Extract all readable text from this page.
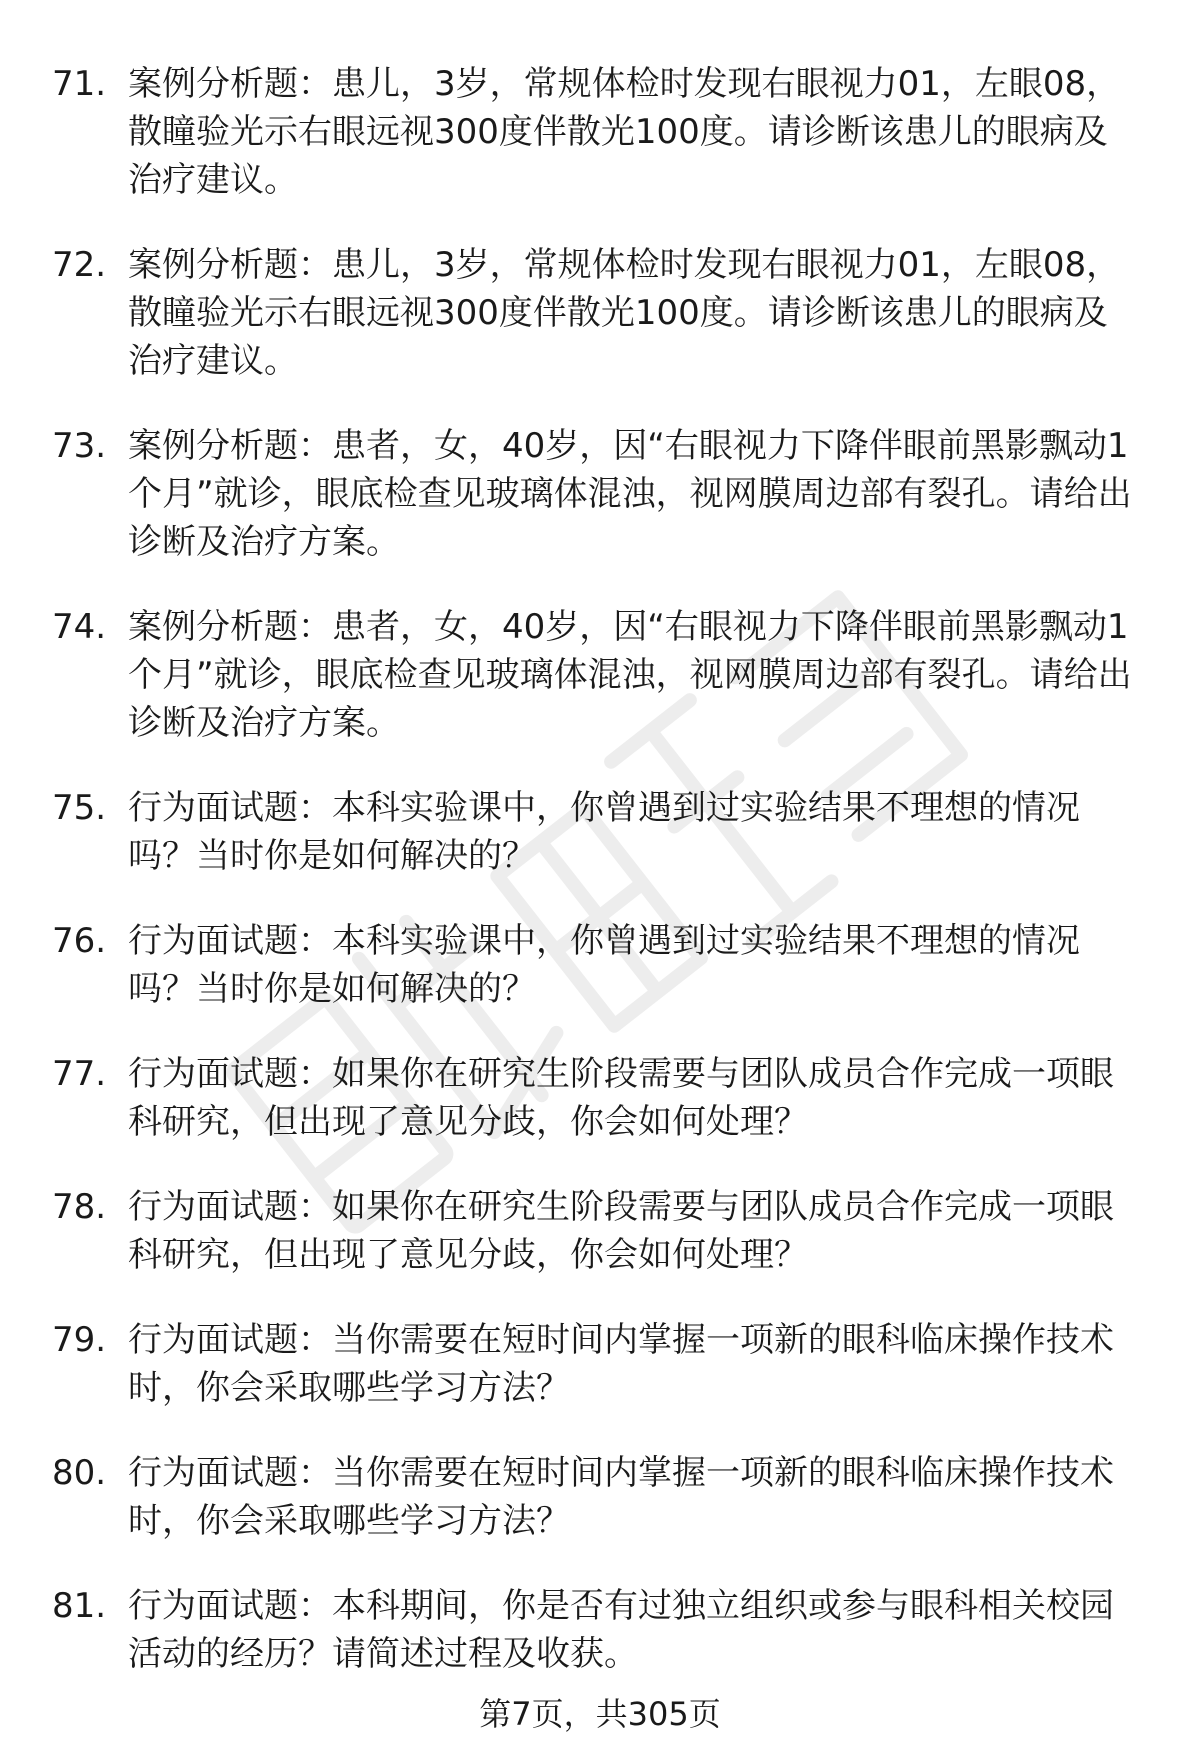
71. 案例分析题：患儿，3岁，常规体检时发现右眼视力01，左眼08，散瞳验光示右眼远视300度伴散光100度。请诊断该患儿的眼病及治疗建议。
72. 案例分析题：患儿，3岁，常规体检时发现右眼视力01，左眼08，散瞳验光示右眼远视300度伴散光100度。请诊断该患儿的眼病及治疗建议。
73. 案例分析题：患者，女，40岁，因“右眼视力下降伴眼前黑影飘动1个月”就诊，眼底检查见玻璃体混浊，视网膜周边部有裂孔。请给出诊断及治疗方案。
74. 案例分析题：患者，女，40岁，因“右眼视力下降伴眼前黑影飘动1个月”就诊，眼底检查见玻璃体混浊，视网膜周边部有裂孔。请给出诊断及治疗方案。
75. 行为面试题：本科实验课中，你曾遇到过实验结果不理想的情况吗？当时你是如何解决的？
76. 行为面试题：本科实验课中，你曾遇到过实验结果不理想的情况吗？当时你是如何解决的？
77. 行为面试题：如果你在研究生阶段需要与团队成员合作完成一项眼科研究，但出现了意见分歧，你会如何处理？
78. 行为面试题：如果你在研究生阶段需要与团队成员合作完成一项眼科研究，但出现了意见分歧，你会如何处理？
79. 行为面试题：当你需要在短时间内掌握一项新的眼科临床操作技术时，你会采取哪些学习方法？
80. 行为面试题：当你需要在短时间内掌握一项新的眼科临床操作技术时，你会采取哪些学习方法？
81. 行为面试题：本科期间，你是否有过独立组织或参与眼科相关校园活动的经历？请简述过程及收获。
第7页，共305页
